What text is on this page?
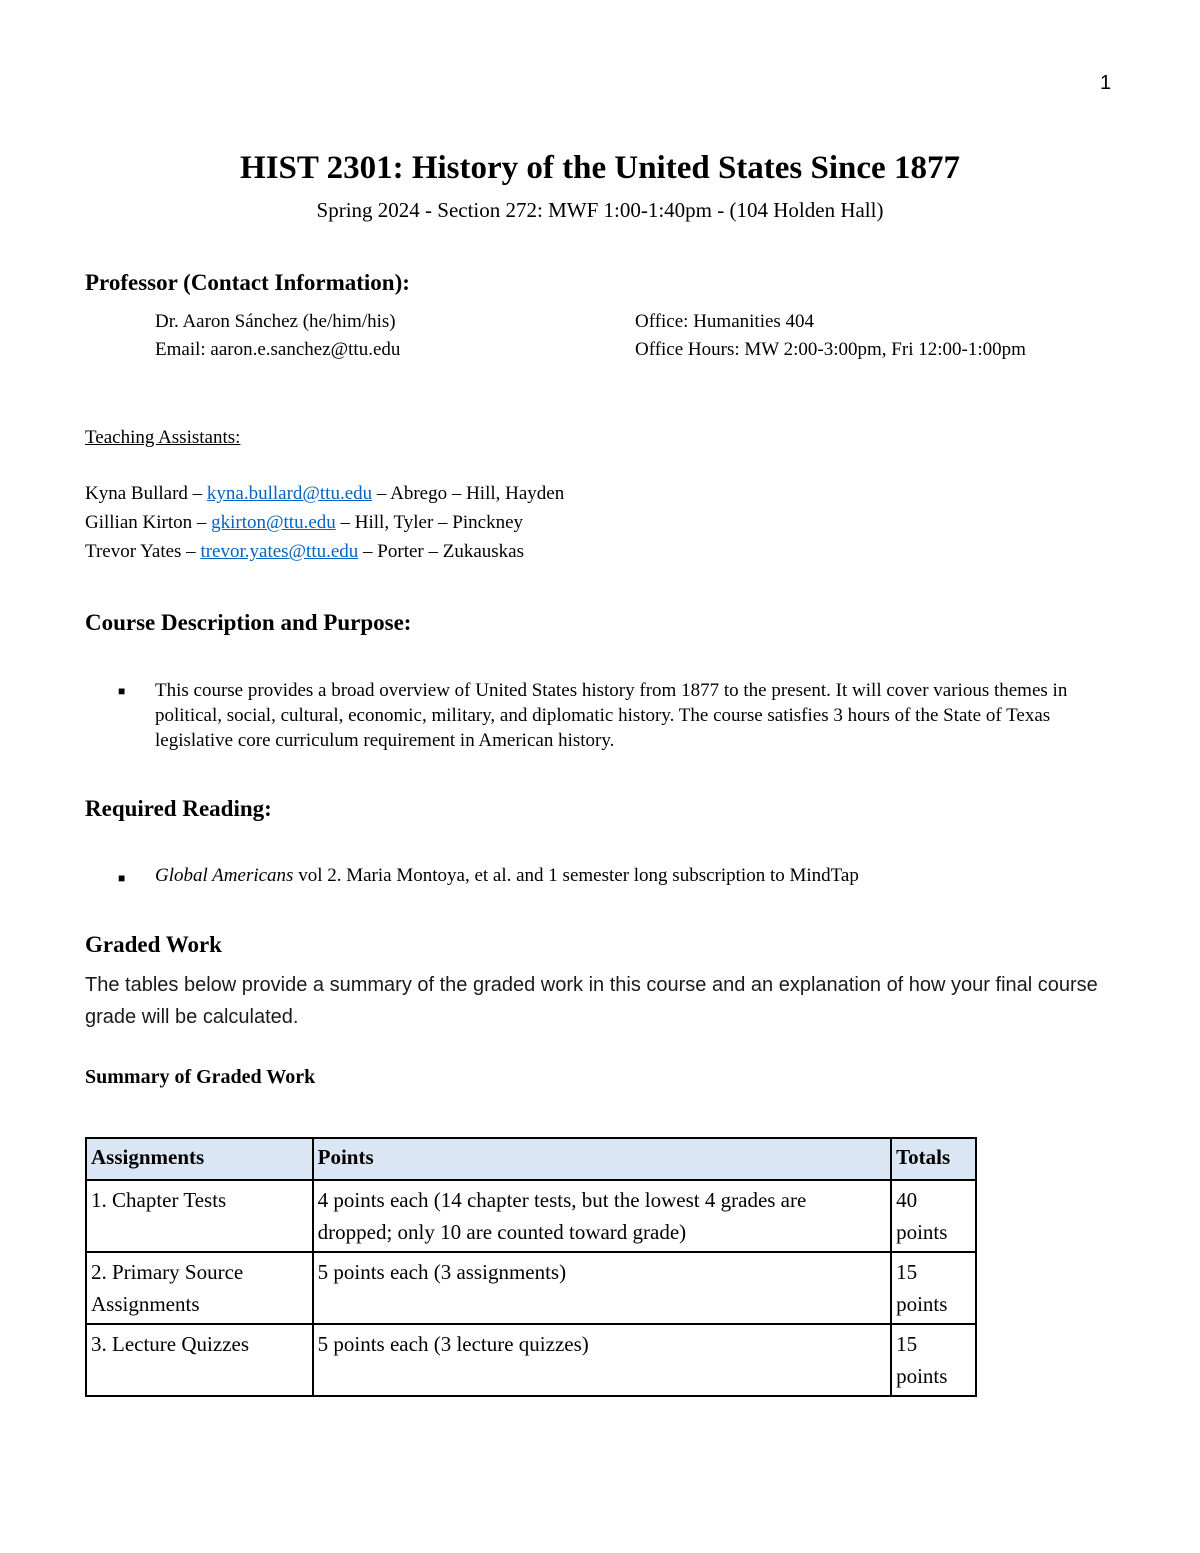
1
HIST 2301: History of the United States Since 1877

Spring 2024 - Section 272: MWF 1:00-1:40pm - (104 Holden Hall)

Professor (Contact Information):

Dr. Aaron Sánchez (he/him/his)

Email: aaron.e.sanchez@ttu.edu

Office: Humanities 404

Office Hours: MW 2:00-3:00pm, Fri 12:00-1:00pm

Teaching Assistants:

Kyna Bullard – kyna.bullard@ttu.edu – Abrego – Hill, Hayden

Gillian Kirton – gkirton@ttu.edu – Hill, Tyler – Pinckney

Trevor Yates – trevor.yates@ttu.edu – Porter – Zukauskas

Course Description and Purpose:
■ This course provides a broad overview of United States history from 1877 to the present. It will cover various themes in political, social, cultural, economic, military, and diplomatic history. The course satisfies 3 hours of the State of Texas legislative core curriculum requirement in American history.

Required Reading:
■ Global Americans vol 2. Maria Montoya, et al. and 1 semester long subscription to MindTap

Graded Work

The tables below provide a summary of the graded work in this course and an explanation of how your final course grade will be calculated.

Summary of Graded Work

Assignments	Points	Totals
1. Chapter Tests	4 points each (14 chapter tests, but the lowest 4 grades are dropped; only 10 are counted toward grade)	40 points
2. Primary Source Assignments	5 points each (3 assignments)	15 points
3. Lecture Quizzes	5 points each (3 lecture quizzes)	15 points
